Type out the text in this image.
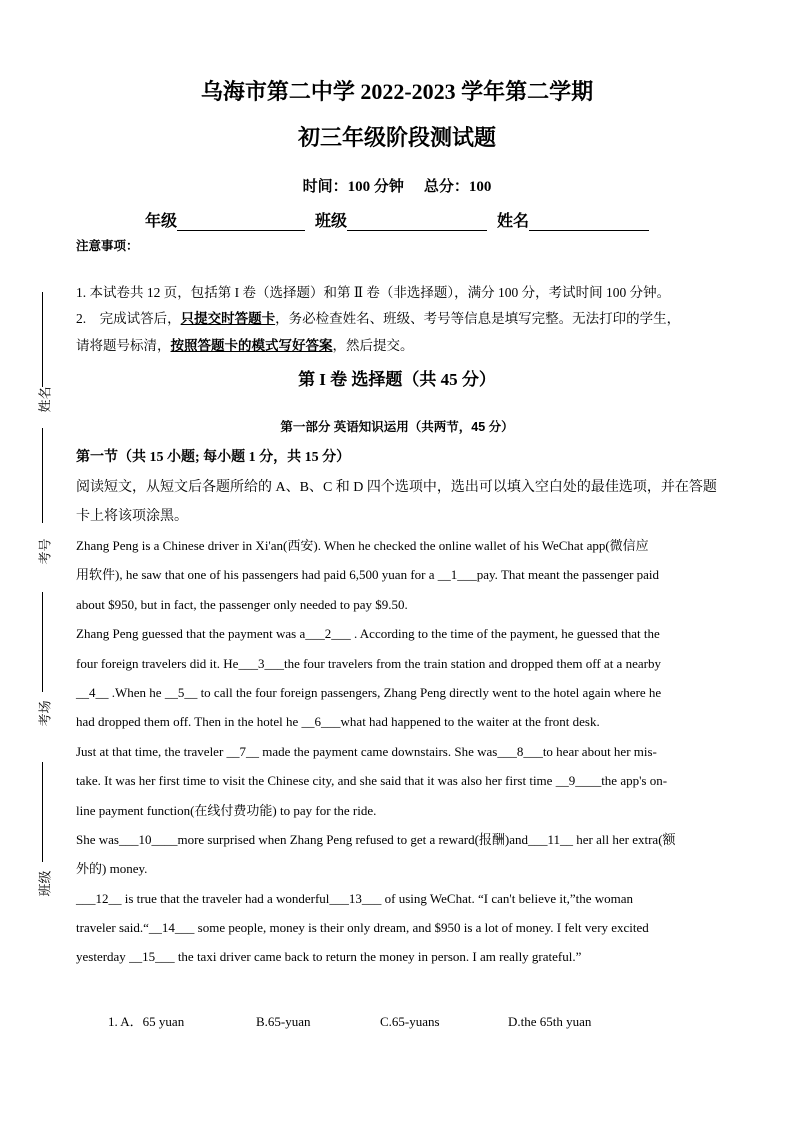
姓名
考号
考场
班级

乌海市第二中学 2022-2023 学年第二学期

初三年级阶段测试题

时间：100 分钟 总分：100

年级	班级	姓名

注意事项：

1. 本试卷共 12 页，包括第 I 卷（选择题）和第 Ⅱ 卷（非选择题），满分 100 分，考试时间 100 分钟。

2.　完成试答后，只提交时答题卡，务必检查姓名、班级、考号等信息是填写完整。无法打印的学生，
请将题号标清，按照答题卡的模式写好答案，然后提交。

第 I 卷 选择题（共 45 分）

第一部分 英语知识运用（共两节，45 分）

第一节（共 15 小题; 每小题 1 分，共 15 分）

阅读短文，从短文后各题所给的 A、B、C 和 D 四个选项中，选出可以填入空白处的最佳选项，并在答题卡上将该项涂黑。

Zhang Peng is a Chinese driver in Xi'an(西安). When he checked the online wallet of his WeChat app(微信应

用软件), he saw that one of his passengers had paid 6,500 yuan for a __1___pay. That meant the passenger paid

about $950, but in fact, the passenger only needed to pay $9.50.

Zhang Peng guessed that the payment was a___2___ . According to the time of the payment, he guessed that the

four foreign travelers did it. He___3___the four travelers from the train station and dropped them off at a nearby

__4__ .When he __5__ to call the four foreign passengers, Zhang Peng directly went to the hotel again where he

had dropped them off. Then in the hotel he __6___what had happened to the waiter at the front desk.

Just at that time, the traveler __7__ made the payment came downstairs. She was___8___to hear about her mis-

take. It was her first time to visit the Chinese city, and she said that it was also her first time __9____the app's on-

line payment function(在线付费功能) to pay for the ride.

She was___10____more surprised when Zhang Peng refused to get a reward(报酬)and___11__ her all her extra(额

外的) money.

___12__ is true that the traveler had a wonderful___13___ of using WeChat. “I can't believe it,”the woman

traveler said.“__14___ some people, money is their only dream, and $950 is a lot of money. I felt very excited

yesterday __15___ the taxi driver came back to return the money in person. I am really grateful.”

1. A．65 yuan	B.65-yuan	C.65-yuans	D.the 65th yuan
